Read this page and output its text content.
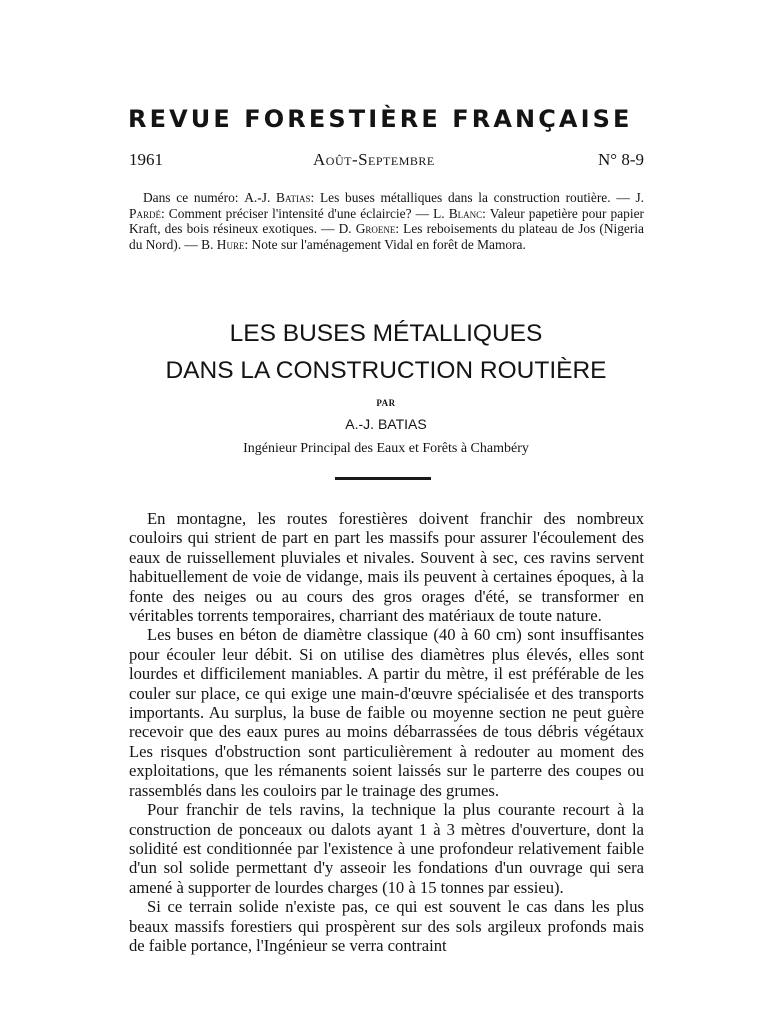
REVUE FORESTIÈRE FRANÇAISE
1961	Août-Septembre	N° 8-9
Dans ce numéro: A.-J. Batias: Les buses métalliques dans la construction routière. — J. Pardé: Comment préciser l'intensité d'une éclaircie? — L. Blanc: Valeur papetière pour papier Kraft, des bois résineux exotiques. — D. Groene: Les reboisements du plateau de Jos (Nigeria du Nord). — B. Hure: Note sur l'aménagement Vidal en forêt de Mamora.
LES BUSES MÉTALLIQUES
DANS LA CONSTRUCTION ROUTIÈRE
PAR
A.-J. BATIAS
Ingénieur Principal des Eaux et Forêts à Chambéry

En montagne, les routes forestières doivent franchir des nombreux couloirs qui strient de part en part les massifs pour assurer l'écoulement des eaux de ruissellement pluviales et nivales. Souvent à sec, ces ravins servent habituellement de voie de vidange, mais ils peuvent à certaines époques, à la fonte des neiges ou au cours des gros orages d'été, se transformer en véritables torrents temporaires, charriant des matériaux de toute nature.

Les buses en béton de diamètre classique (40 à 60 cm) sont insuffisantes pour écouler leur débit. Si on utilise des diamètres plus élevés, elles sont lourdes et difficilement maniables. A partir du mètre, il est préférable de les couler sur place, ce qui exige une main-d'œuvre spécialisée et des transports importants. Au surplus, la buse de faible ou moyenne section ne peut guère recevoir que des eaux pures au moins débarrassées de tous débris végétaux Les risques d'obstruction sont particulièrement à redouter au moment des exploitations, que les rémanents soient laissés sur le parterre des coupes ou rassemblés dans les couloirs par le trainage des grumes.

Pour franchir de tels ravins, la technique la plus courante recourt à la construction de ponceaux ou dalots ayant 1 à 3 mètres d'ouverture, dont la solidité est conditionnée par l'existence à une profondeur relativement faible d'un sol solide permettant d'y asseoir les fondations d'un ouvrage qui sera amené à supporter de lourdes charges (10 à 15 tonnes par essieu).

Si ce terrain solide n'existe pas, ce qui est souvent le cas dans les plus beaux massifs forestiers qui prospèrent sur des sols argileux profonds mais de faible portance, l'Ingénieur se verra contraint
